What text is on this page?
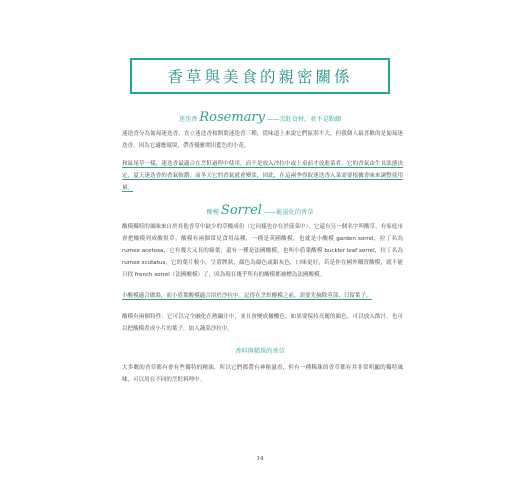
香草與美食的親密關係
迷迭香 Rosemary ——烹飪食材，並不是點綴

迷迭香分為匍匐迷迭香、直立迷迭香和開葉迷迭香三種，從味道上來說它們區別不大，但我個人最喜歡的是匍匐迷迭香，因為它適應環境，帶香優雅開出藍色的小花。

和鼠尾草一樣，迷迭香最適合在烹飪過程中使用，而不是放入沙拉中或上桌前才放進菜肴。它的香氣由生長狀態決定，夏天迷迭香的香氣較濃，而冬天它的香氣就會變淡，因此，在這兩季得取迷迭香入菜需要根據香味來調整使用量。

酸模 Sorrel ——能滋化的香草

酸模獨特的風味來自於其他香草中缺少的草酸成份（它同樣也存在於菠菜中），它還有另一個名字叫酸草，有家庭市會把酸模列成酸很草。酸模有兩個常見食用品種，一種是英國酸模，也就是小酸模 garden sorrel，拉丁名為 rumex acetosa，它有幾大又長的綠葉；還有一種是法國酸模，也叫小盾葉酸模 buckler leaf sorrel，拉丁名為 rumex scutatus，它的葉片較小，呈盾牌狀，顏色為綠色或銀灰色，口味更好，若是你在國外購買酸模，就不能只找 french sorrel（法國酸模）了，因為現在幾乎所有的酸模都被標為法國酸模。

小酸模適合做湯，而小盾葉酸模適合用於沙拉中。記得在烹飪酸模之前，需要先摘除莖部，只留葉子。

酸模有兩個特性：它可以完全融化在熱鍋汁中，並且會變成橄欖色，如果要保持亮麗的顏色，可以放入飲汁。也可以把酸模煮成小片的葉子，加入蔬菜沙拉中。

香料與稀珠的香草

大多數的香草都有會有些獨特的精油，所以它們都帶有神秘滋香，但有一種稀珠的香草都有其非常明顯的獨特風味，可以用在不同的烹飪料理中。

14
